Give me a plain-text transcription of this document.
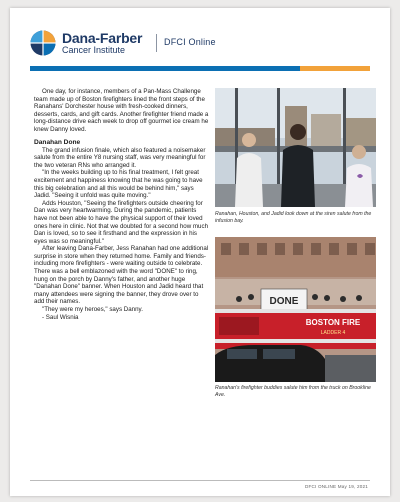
Dana-Farber
Cancer Institute
DFCI Online

One day, for instance, members of a Pan-Mass Challenge team made up of Boston firefighters lined the front steps of the Ranahans' Dorchester house with fresh-cooked dinners, desserts, cards, and gift cards. Another firefighter friend made a long-distance drive each week to drop off gourmet ice cream he knew Danny loved.

Danahan Done

The grand infusion finale, which also featured a noisemaker salute from the entire Y8 nursing staff, was very meaningful for the two veteran RNs who arranged it.

"In the weeks building up to his final treatment, I felt great excitement and happiness knowing that he was going to have this big celebration and all this would be behind him," says Jadid. "Seeing it unfold was quite moving."

Adds Houston, "Seeing the firefighters outside cheering for Dan was very heartwarming. During the pandemic, patients have not been able to have the physical support of their loved ones here in clinic. Not that we doubted for a second how much Dan is loved, so to see it firsthand and the expression in his eyes was so meaningful."

After leaving Dana-Farber, Jess Ranahan had one additional surprise in store when they returned home. Family and friends- including more firefighters - were waiting outside to celebrate. There was a bell emblazoned with the word "DONE" to ring, hung on the porch by Danny's father, and another huge "Danahan Done" banner. When Houston and Jadid heard that many attendees were signing the banner, they drove over to add their names.

"They were my heroes," says Danny.

- Saul Wisnia

Ranahan, Houston, and Jadid look down at the siren salute from the infusion bay.
DONE
BOSTON FIRE
LADDER 4
Ranahan's firefighter buddies salute him from the truck on Brookline Ave.
DFCI ONLINE May 19, 2021
